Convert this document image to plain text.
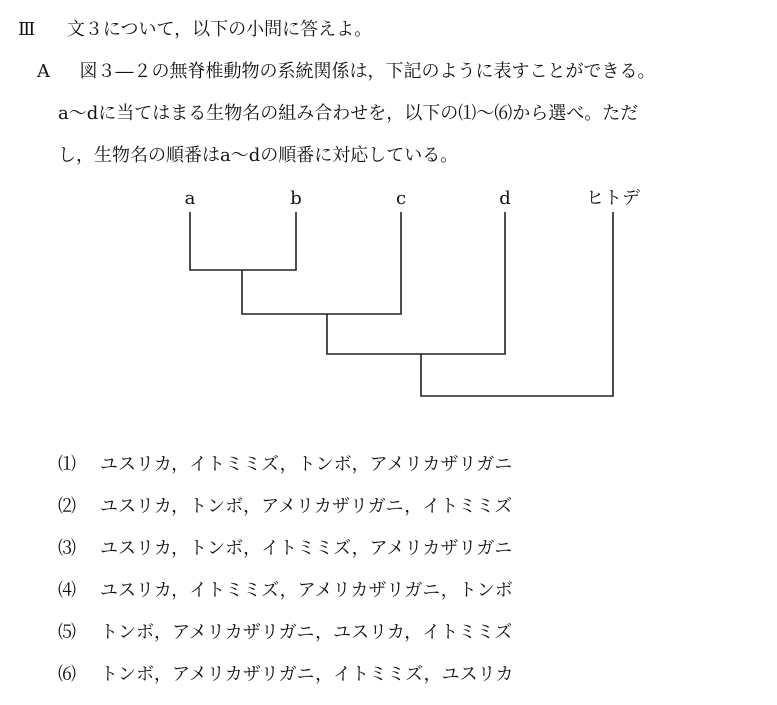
Ⅲ 文３について，以下の小問に答えよ。
A 図３―２の無脊椎動物の系統関係は，下記のように表すことができる。
a～dに当てはまる生物名の組み合わせを，以下の⑴～⑹から選べ。ただ
し，生物名の順番はa～dの順番に対応している。
a	b	c	d	ヒトデ
⑴	ユスリカ，イトミミズ，トンボ，アメリカザリガニ
⑵	ユスリカ，トンボ，アメリカザリガニ，イトミミズ
⑶	ユスリカ，トンボ，イトミミズ，アメリカザリガニ
⑷	ユスリカ，イトミミズ，アメリカザリガニ，トンボ
⑸	トンボ，アメリカザリガニ，ユスリカ，イトミミズ
⑹	トンボ，アメリカザリガニ，イトミミズ，ユスリカ
